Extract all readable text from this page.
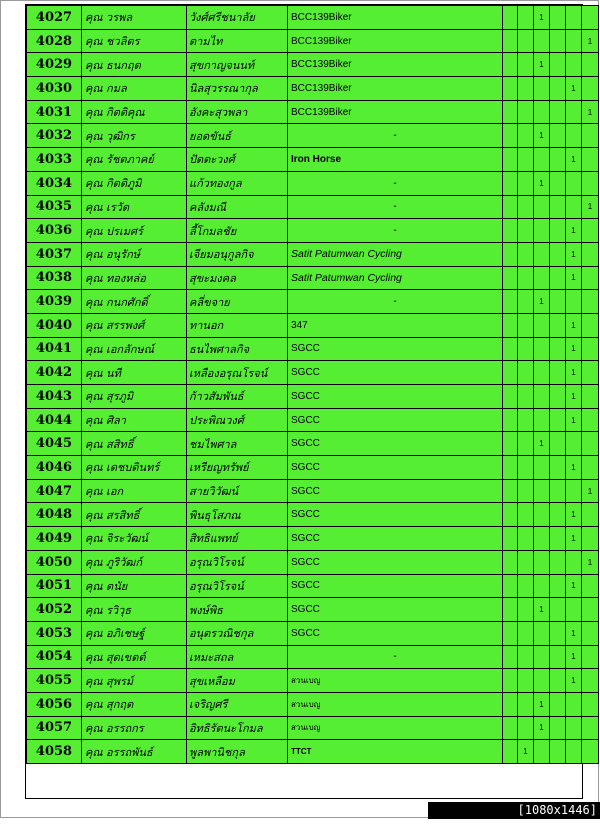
4027	คุณ วรพล	วังศ์ศรีชนาลัย	BCC139Biker			1			
4028	คุณ ชวลิตร	ตามไท	BCC139Biker						1
4029	คุณ ธนกฤต	สุขกาญจนนท์	BCC139Biker			1			
4030	คุณ กมล	นิลสุวรรณากุล	BCC139Biker					1	
4031	คุณ กิตติคุณ	อังคะสุวพลา	BCC139Biker						1
4032	คุณ วุฒิกร	ยอดขันธ์	-			1			
4033	คุณ รัชตภาคย์	ปัตตะวงศ์	Iron Horse					1	
4034	คุณ กิตติภูมิ	แก้วทองกูล	-			1			
4035	คุณ เรวัต	คลังมณี	-						1
4036	คุณ ปรเมศร์	ลี้โกมลชัย	-					1	
4037	คุณ อนุรักษ์	เจียมอนุกูลกิจ	Satit Patumwan Cycling					1	
4038	คุณ ทองหล่อ	สุขะมงคล	Satit Patumwan Cycling					1	
4039	คุณ กนกศักดิ์	คลี่ขจาย	-			1			
4040	คุณ สรรพงศ์	ทานอก	347					1	
4041	คุณ เอกลักษณ์	ธนไพศาลกิจ	SGCC					1	
4042	คุณ นที	เหลืองอรุณโรจน์	SGCC					1	
4043	คุณ สุรภูมิ	ก้าวสัมพันธ์	SGCC					1	
4044	คุณ ศิลา	ประพิณวงศ์	SGCC					1	
4045	คุณ สสิทธิ์	ชมไพศาล	SGCC			1			
4046	คุณ เดชบดินทร์	เหรียญทรัพย์	SGCC					1	
4047	คุณ เอก	สายวิวัฒน์	SGCC						1
4048	คุณ สรสิทธิ์	พินธุโสภณ	SGCC					1	
4049	คุณ จิระวัฒน์	สิทธิแพทย์	SGCC					1	
4050	คุณ ภูริวัฒก์	อรุณวิโรจน์	SGCC						1
4051	คุณ ตนัย	อรุณวิโรจน์	SGCC					1	
4052	คุณ รวิวุธ	พงษ์พิธ	SGCC			1			
4053	คุณ อภิเชษฐ์	อนุตรวณิชกุล	SGCC					1	
4054	คุณ สุดเขตต์	เหมะสถล	-					1	
4055	คุณ สุพรม์	สุขเหลือม	สวนเบญ					1	
4056	คุณ สุกฤต	เจริญศรี	สวนเบญ			1			
4057	คุณ อรรถกร	อิทธิรัตนะโกมล	สวนเบญ			1			
4058	คุณ อรรถพันธ์	พูลพานิชกุล	TTCT		1				
[1080x1446] https://upic.me/
